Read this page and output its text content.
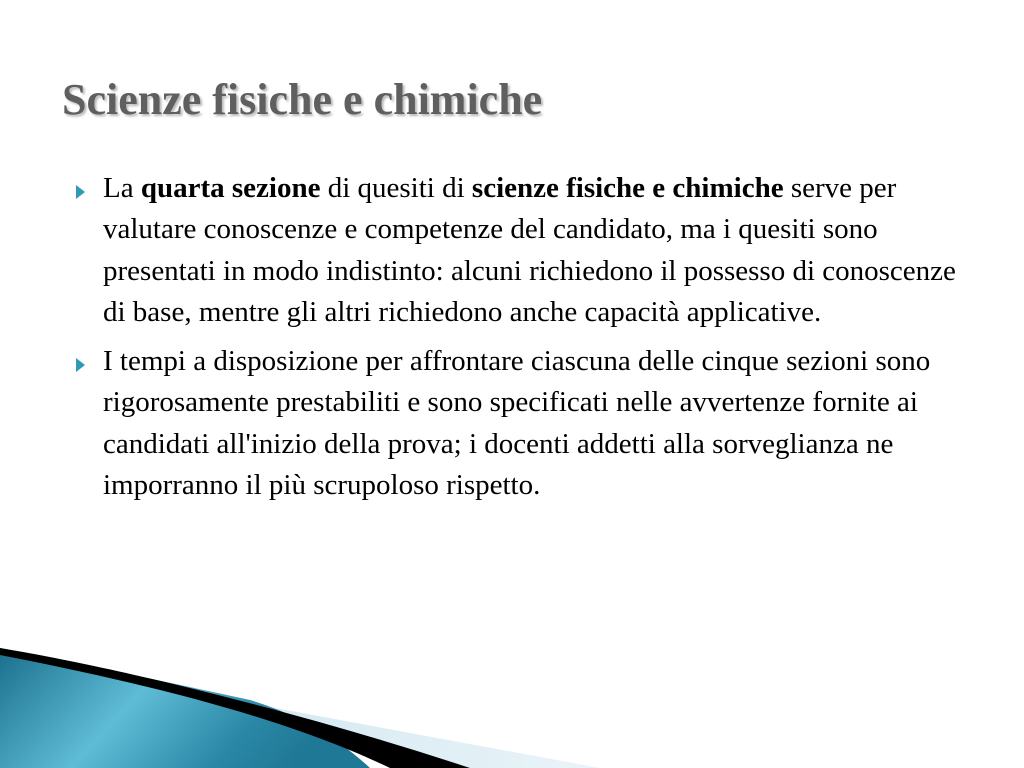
Scienze fisiche e chimiche
La quarta sezione di quesiti di scienze fisiche e chimiche serve per valutare conoscenze e competenze del candidato, ma i quesiti sono presentati in modo indistinto: alcuni richiedono il possesso di conoscenze di base, mentre gli altri richiedono anche capacità applicative.
I tempi a disposizione per affrontare ciascuna delle cinque sezioni sono rigorosamente prestabiliti e sono specificati nelle avvertenze fornite ai candidati all'inizio della prova; i docenti addetti alla sorveglianza ne imporranno il più scrupoloso rispetto.
